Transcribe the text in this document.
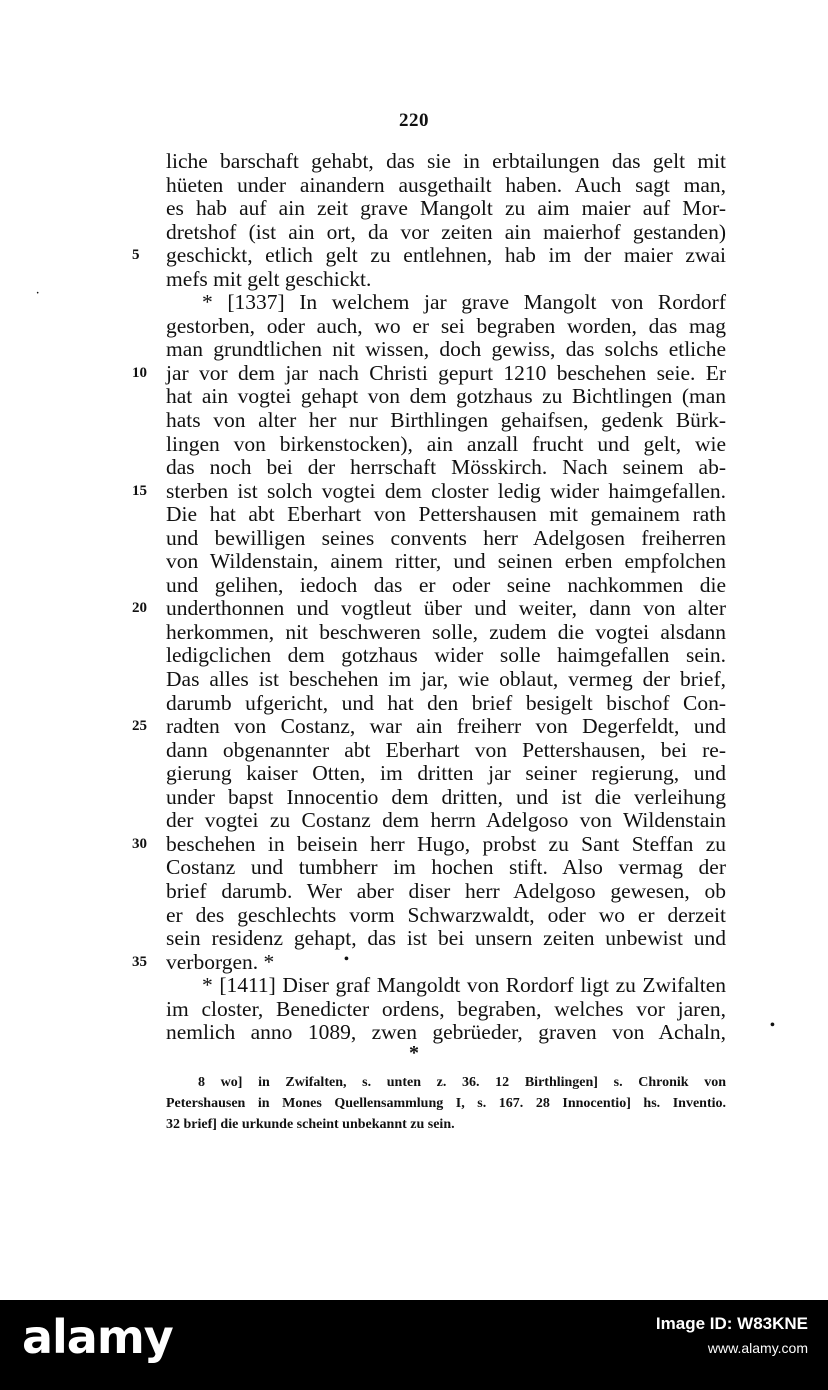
220
liche barschaft gehabt, das sie in erbtailungen das gelt mit
hüeten under ainandern ausgethailt haben. Auch sagt man,
es hab auf ain zeit grave Mangolt zu aim maier auf Mor-
dretshof (ist ain ort, da vor zeiten ain maierhof gestanden)
geschickt, etlich gelt zu entlehnen, hab im der maier zwai
5
mefs mit gelt geschickt.
* [1337] In welchem jar grave Mangolt von Rordorf
gestorben, oder auch, wo er sei begraben worden, das mag
man grundtlichen nit wissen, doch gewiss, das solchs etliche
jar vor dem jar nach Christi gepurt 1210 beschehen seie. Er
10
hat ain vogtei gehapt von dem gotzhaus zu Bichtlingen (man
hats von alter her nur Birthlingen gehaifsen, gedenk Bürk-
lingen von birkenstocken), ain anzall frucht und gelt, wie
das noch bei der herrschaft Mösskirch. Nach seinem ab-
sterben ist solch vogtei dem closter ledig wider haimgefallen.
15
Die hat abt Eberhart von Pettershausen mit gemainem rath
und bewilligen seines convents herr Adelgosen freiherren
von Wildenstain, ainem ritter, und seinen erben empfolchen
und gelihen, iedoch das er oder seine nachkommen die
underthonnen und vogtleut über und weiter, dann von alter
20
herkommen, nit beschweren solle, zudem die vogtei alsdann
ledigclichen dem gotzhaus wider solle haimgefallen sein.
Das alles ist beschehen im jar, wie oblaut, vermeg der brief,
darumb ufgericht, und hat den brief besigelt bischof Con-
radten von Costanz, war ain freiherr von Degerfeldt, und
25
dann obgenannter abt Eberhart von Pettershausen, bei re-
gierung kaiser Otten, im dritten jar seiner regierung, und
under bapst Innocentio dem dritten, und ist die verleihung
der vogtei zu Costanz dem herrn Adelgoso von Wildenstain
beschehen in beisein herr Hugo, probst zu Sant Steffan zu
30
Costanz und tumbherr im hochen stift. Also vermag der
brief darumb. Wer aber diser herr Adelgoso gewesen, ob
er des geschlechts vorm Schwarzwaldt, oder wo er derzeit
sein residenz gehapt, das ist bei unsern zeiten unbewist und
verborgen. *
35
* [1411] Diser graf Mangoldt von Rordorf ligt zu Zwifalten
im closter, Benedicter ordens, begraben, welches vor jaren,
nemlich anno 1089, zwen gebrüeder, graven von Achaln,
•
•
·
*
8 wo] in Zwifalten, s. unten z. 36. 12 Birthlingen] s. Chronik von
Petershausen in Mones Quellensammlung I, s. 167. 28 Innocentio] hs. Inventio.
32 brief] die urkunde scheint unbekannt zu sein.
alamy	Image ID: W83KNE
www.alamy.com
